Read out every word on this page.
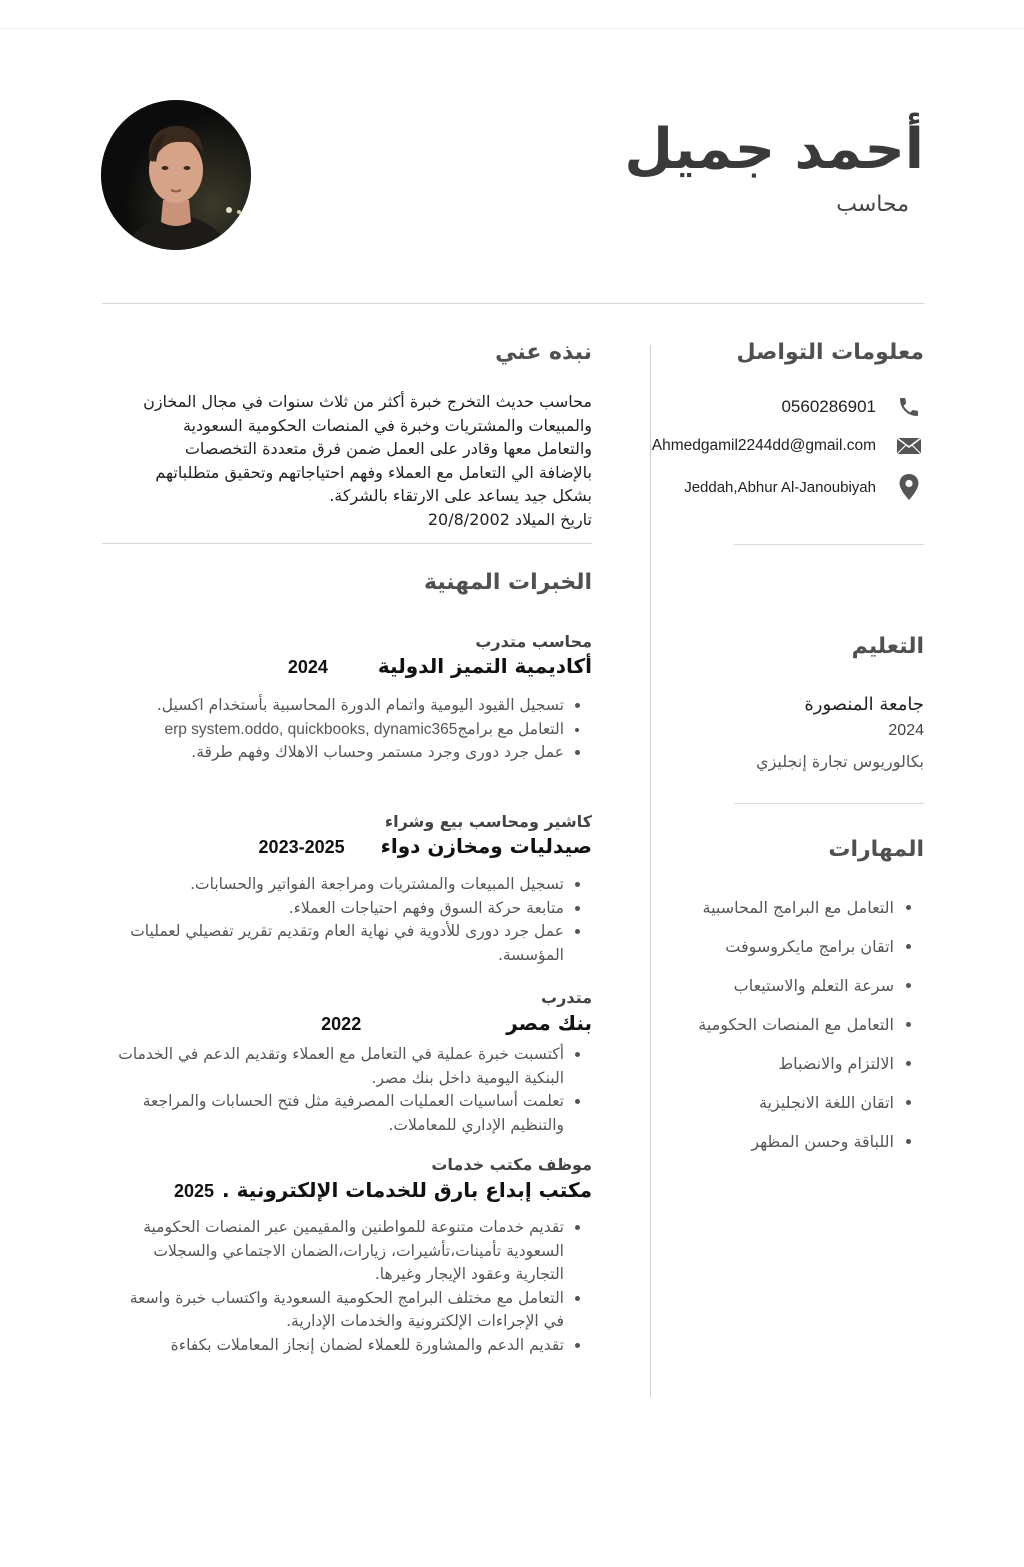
أحمد جميل
محاسب
معلومات التواصل
0560286901
Ahmedgamil2244dd@gmail.com
Jeddah,Abhur Al-Janoubiyah
التعليم
جامعة المنصورة
2024
بكالوريوس تجارة إنجليزي
المهارات
• التعامل مع البرامج المحاسبية
• اتقان برامج مايكروسوفت
• سرعة التعلم والاستيعاب
• التعامل مع المنصات الحكومية
• الالتزام والانضباط
• اتقان اللغة الانجليزية
• اللباقة وحسن المظهر
نبذه عني
محاسب حديث التخرج خبرة أكثر من ثلاث سنوات في مجال المخازن
والمبيعات والمشتريات وخبرة في المنصات الحكومية السعودية
والتعامل معها وقادر على العمل ضمن فرق متعددة التخصصات
بالإضافة الي التعامل مع العملاء وفهم احتياجاتهم وتحقيق متطلباتهم
بشكل جيد يساعد على الارتقاء بالشركة.
تاريخ الميلاد 20/8/2002
الخبرات المهنية
محاسب متدرب
أكاديمية التميز الدولية
2024
• تسجيل القيود اليومية واتمام الدورة المحاسبية بأستخدام اكسيل.
• التعامل مع برامجerp system.oddo, quickbooks, dynamic365
• عمل جرد دورى وجرد مستمر وحساب الاهلاك وفهم طرقة.
كاشير ومحاسب بيع وشراء
صيدليات ومخازن دواء
2023-2025
• تسجيل المبيعات والمشتريات ومراجعة الفواتير والحسابات.
• متابعة حركة السوق وفهم احتياجات العملاء.
• عمل جرد دورى للأدوية في نهاية العام وتقديم تقرير تفصيلي لعمليات المؤسسة.
متدرب
بنك مصر
2022
• أكتسبت خبرة عملية في التعامل مع العملاء وتقديم الدعم في الخدمات البنكية اليومية داخل بنك مصر.
• تعلمت أساسيات العمليات المصرفية مثل فتح الحسابات والمراجعة والتنظيم الإداري للمعاملات.
موظف مكتب خدمات
مكتب إبداع بارق للخدمات الإلكترونية .
2025
• تقديم خدمات متنوعة للمواطنين والمقيمين عبر المنصات الحكومية السعودية تأمينات،تأشيرات، زيارات،الضمان الاجتماعي والسجلات التجارية وعقود الإيجار وغيرها.
• التعامل مع مختلف البرامج الحكومية السعودية واكتساب خبرة واسعة في الإجراءات الإلكترونية والخدمات الإدارية.
• تقديم الدعم والمشاورة للعملاء لضمان إنجاز المعاملات بكفاءة
